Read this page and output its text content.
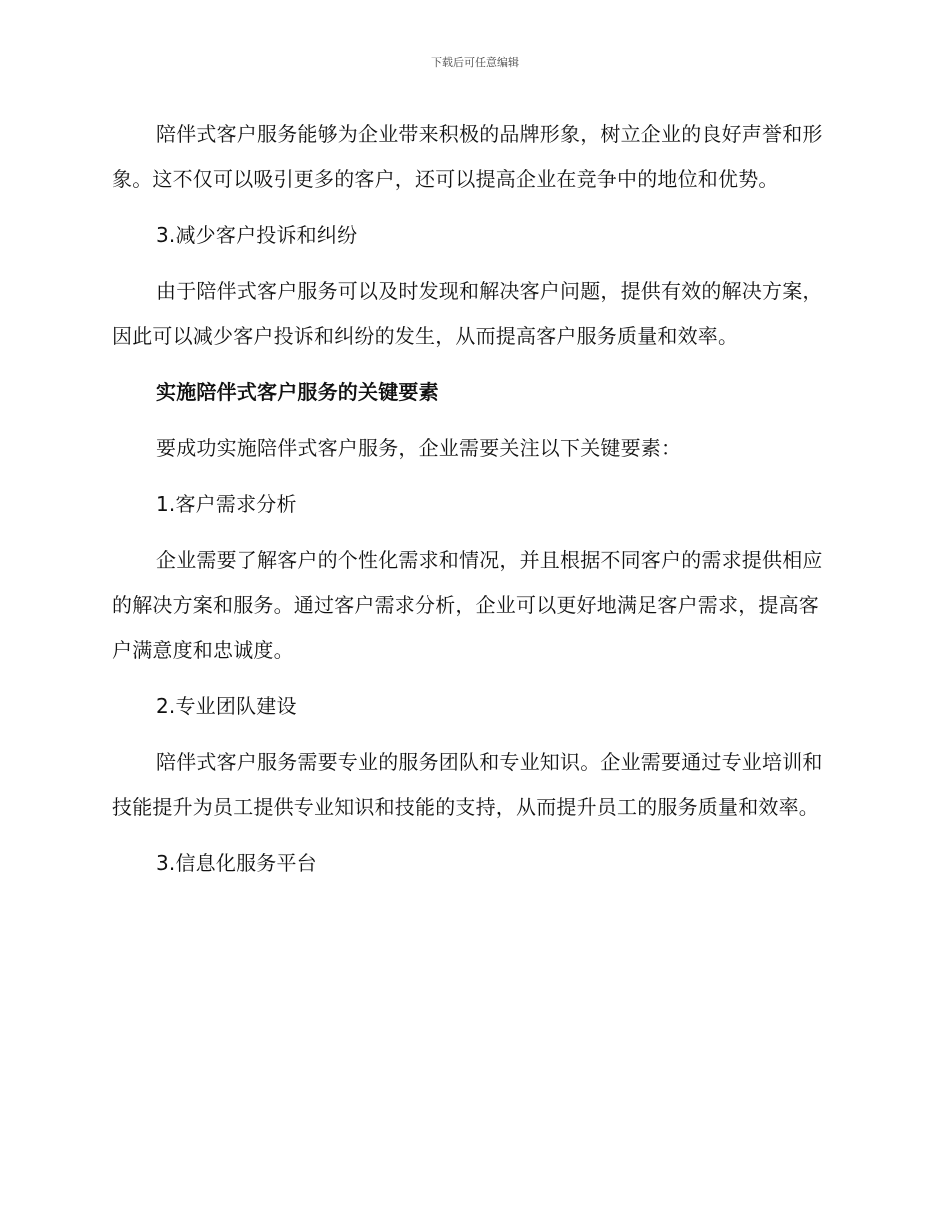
下载后可任意编辑

陪伴式客户服务能够为企业带来积极的品牌形象，树立企业的良好声誉和形象。这不仅可以吸引更多的客户，还可以提高企业在竞争中的地位和优势。

3.减少客户投诉和纠纷

由于陪伴式客户服务可以及时发现和解决客户问题，提供有效的解决方案，因此可以减少客户投诉和纠纷的发生，从而提高客户服务质量和效率。

实施陪伴式客户服务的关键要素

要成功实施陪伴式客户服务，企业需要关注以下关键要素：

1.客户需求分析

企业需要了解客户的个性化需求和情况，并且根据不同客户的需求提供相应的解决方案和服务。通过客户需求分析，企业可以更好地满足客户需求，提高客户满意度和忠诚度。

2.专业团队建设

陪伴式客户服务需要专业的服务团队和专业知识。企业需要通过专业培训和技能提升为员工提供专业知识和技能的支持，从而提升员工的服务质量和效率。

3.信息化服务平台
